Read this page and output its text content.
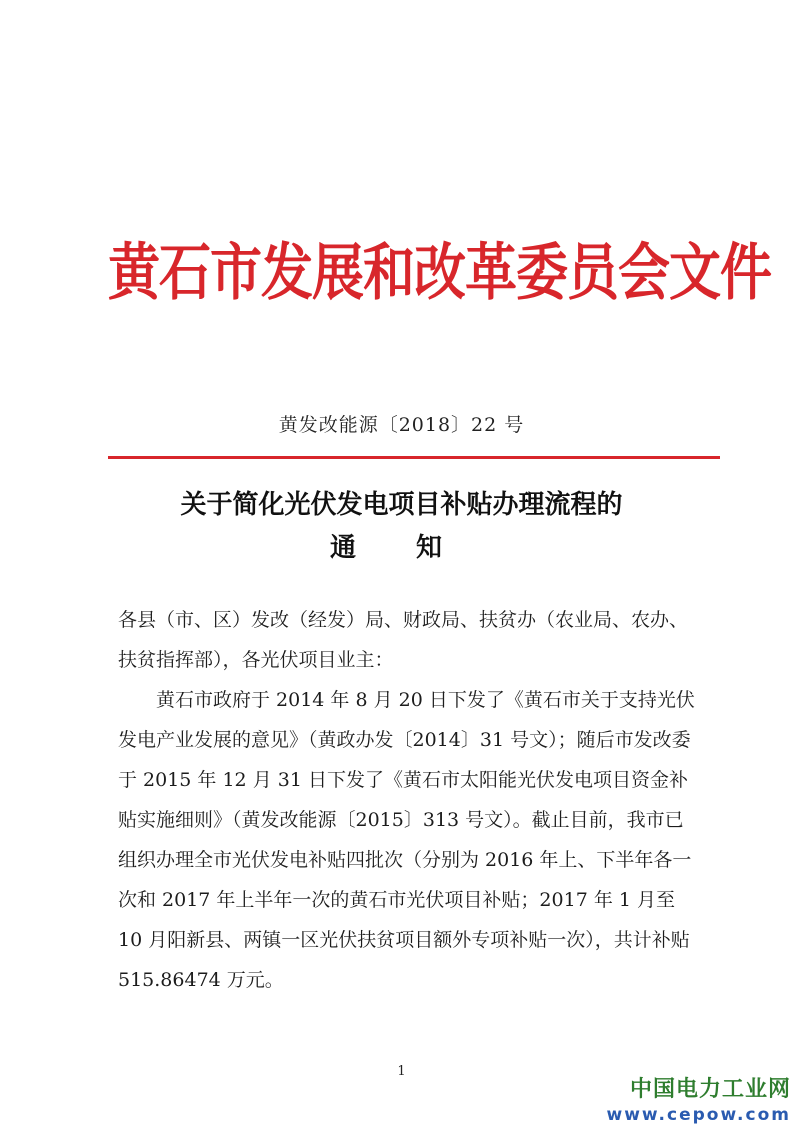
黄石市发展和改革委员会文件
黄发改能源〔2018〕22 号
关于简化光伏发电项目补贴办理流程的
通知

各县（市、区）发改（经发）局、财政局、扶贫办（农业局、农办、扶贫指挥部），各光伏项目业主：

黄石市政府于 2014 年 8 月 20 日下发了《黄石市关于支持光伏发电产业发展的意见》（黄政办发〔2014〕31 号文）；随后市发改委于 2015 年 12 月 31 日下发了《黄石市太阳能光伏发电项目资金补贴实施细则》（黄发改能源〔2015〕313 号文）。截止目前，我市已组织办理全市光伏发电补贴四批次（分别为 2016 年上、下半年各一次和 2017 年上半年一次的黄石市光伏项目补贴；2017 年 1 月至 10 月阳新县、两镇一区光伏扶贫项目额外专项补贴一次），共计补贴 515.86474 万元。

1
中国电力工业网
www.cepow.com
